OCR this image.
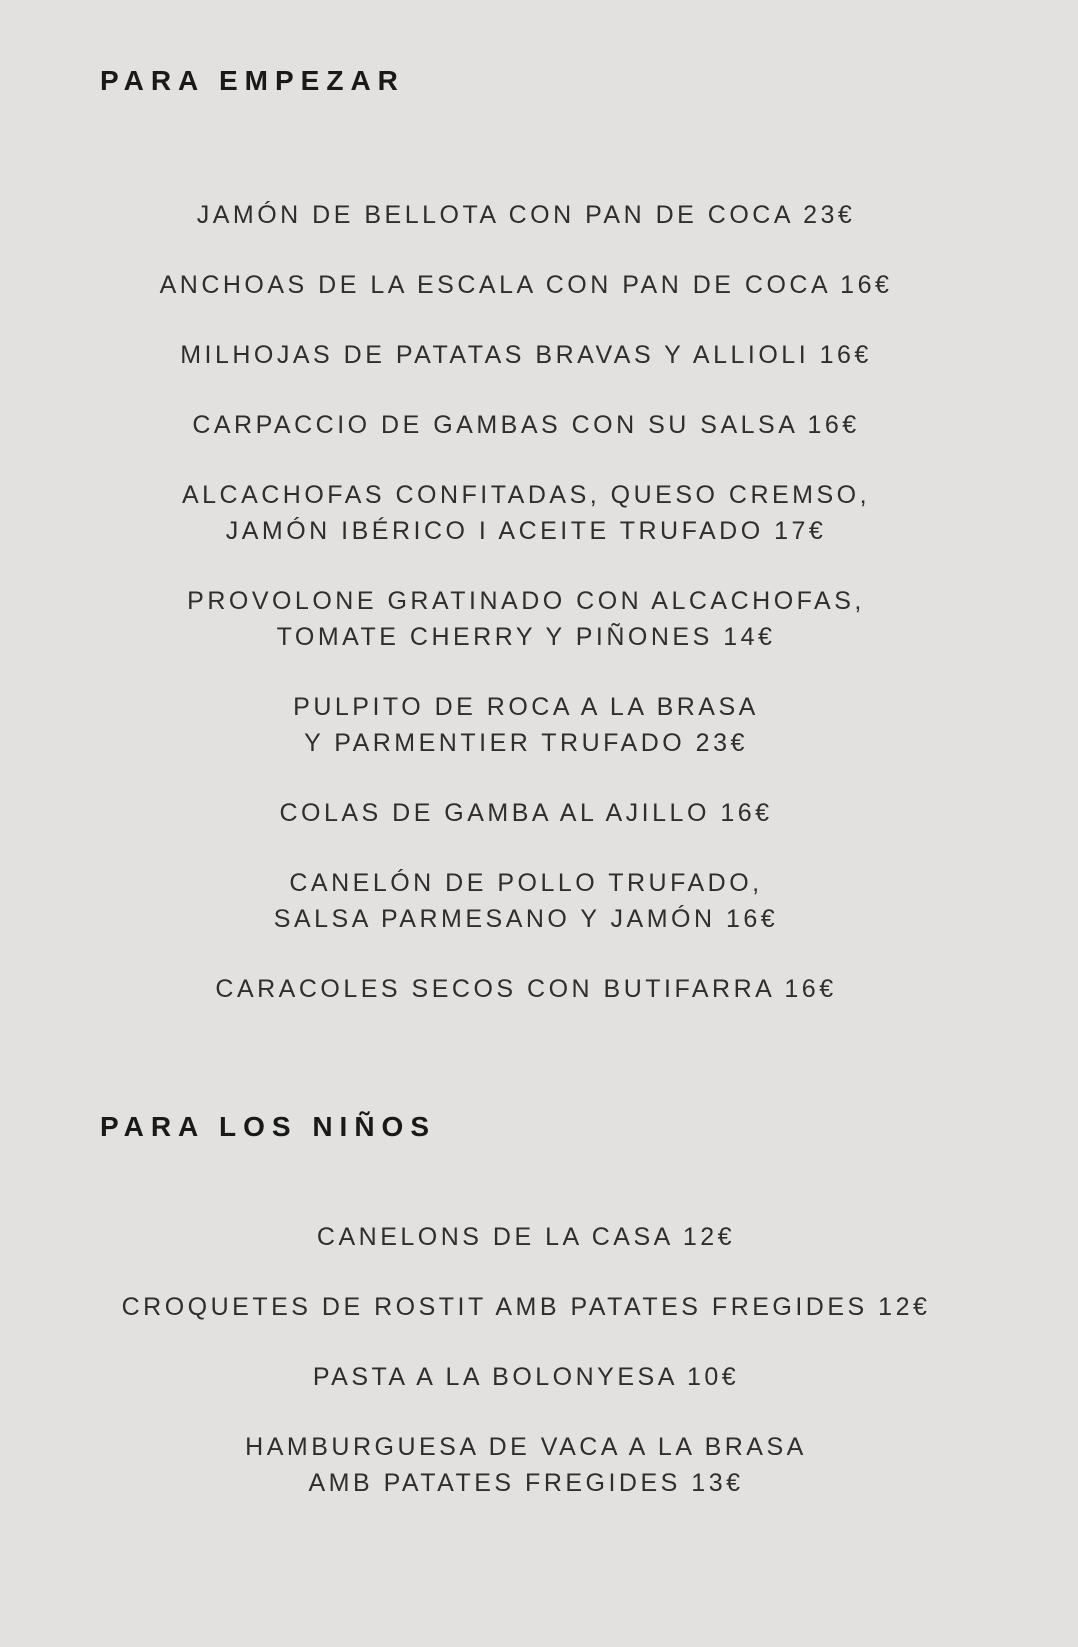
PARA EMPEZAR
JAMÓN DE BELLOTA CON PAN DE COCA 23€
ANCHOAS DE LA ESCALA CON PAN DE COCA 16€
MILHOJAS DE PATATAS BRAVAS Y ALLIOLI 16€
CARPACCIO DE GAMBAS CON SU SALSA 16€
ALCACHOFAS CONFITADAS, QUESO CREMSO,
JAMÓN IBÉRICO I ACEITE TRUFADO 17€
PROVOLONE GRATINADO CON ALCACHOFAS,
TOMATE CHERRY Y PIÑONES 14€
PULPITO DE ROCA A LA BRASA
Y PARMENTIER TRUFADO 23€
COLAS DE GAMBA AL AJILLO 16€
CANELÓN DE POLLO TRUFADO,
SALSA PARMESANO Y JAMÓN 16€
CARACOLES SECOS CON BUTIFARRA 16€
PARA LOS NIÑOS
CANELONS DE LA CASA 12€
CROQUETES DE ROSTIT AMB PATATES FREGIDES 12€
PASTA A LA BOLONYESA 10€
HAMBURGUESA DE VACA A LA BRASA
AMB PATATES FREGIDES 13€
